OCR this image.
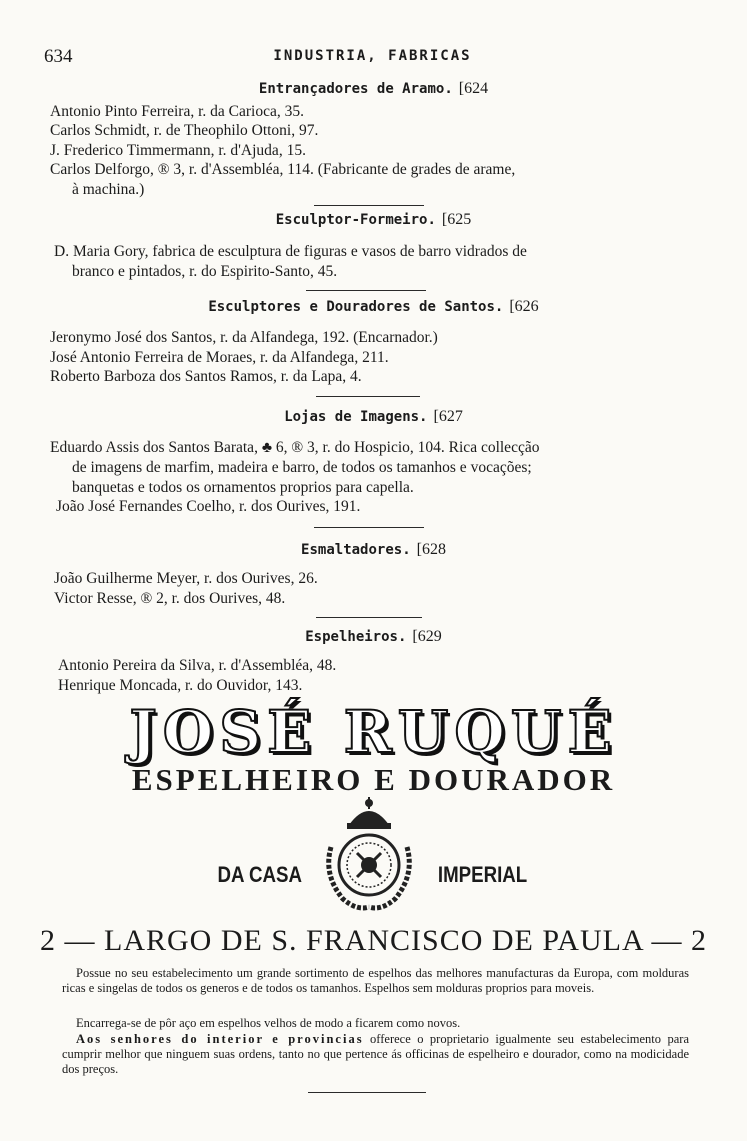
634	INDUSTRIA, FABRICAS
Entrançadores de Aramo. [624
Antonio Pinto Ferreira, r. da Carioca, 35.
Carlos Schmidt, r. de Theophilo Ottoni, 97.
J. Frederico Timmermann, r. d'Ajuda, 15.
Carlos Delforgo, ® 3, r. d'Assembléa, 114. (Fabricante de grades de arame,
à machina.)
Esculptor-Formeiro. [625
D. Maria Gory, fabrica de esculptura de figuras e vasos de barro vidrados de
branco e pintados, r. do Espirito-Santo, 45.
Esculptores e Douradores de Santos. [626
Jeronymo José dos Santos, r. da Alfandega, 192. (Encarnador.)
José Antonio Ferreira de Moraes, r. da Alfandega, 211.
Roberto Barboza dos Santos Ramos, r. da Lapa, 4.
Lojas de Imagens. [627
Eduardo Assis dos Santos Barata, ♣ 6, ® 3, r. do Hospicio, 104. Rica collecção
de imagens de marfim, madeira e barro, de todos os tamanhos e vocações;
banquetas e todos os ornamentos proprios para capella.
João José Fernandes Coelho, r. dos Ourives, 191.
Esmaltadores. [628
João Guilherme Meyer, r. dos Ourives, 26.
Victor Resse, ® 2, r. dos Ourives, 48.
Espelheiros. [629
Antonio Pereira da Silva, r. d'Assembléa, 48.
Henrique Moncada, r. do Ouvidor, 143.
JOSÉ RUQUÉ
ESPELHEIRO E DOURADOR
DA CASA	IMPERIAL
2 — LARGO DE S. FRANCISCO DE PAULA — 2
Possue no seu estabelecimento um grande sortimento de espelhos das melhores manufacturas da Europa, com molduras ricas e singelas de todos os generos e de todos os tamanhos. Espelhos sem molduras proprios para moveis.
Encarrega-se de pôr aço em espelhos velhos de modo a ficarem como novos.
Aos senhores do interior e provincias offerece o proprietario igualmente seu estabelecimento para cumprir melhor que ninguem suas ordens, tanto no que pertence ás officinas de espelheiro e dourador, como na modicidade dos preços.
